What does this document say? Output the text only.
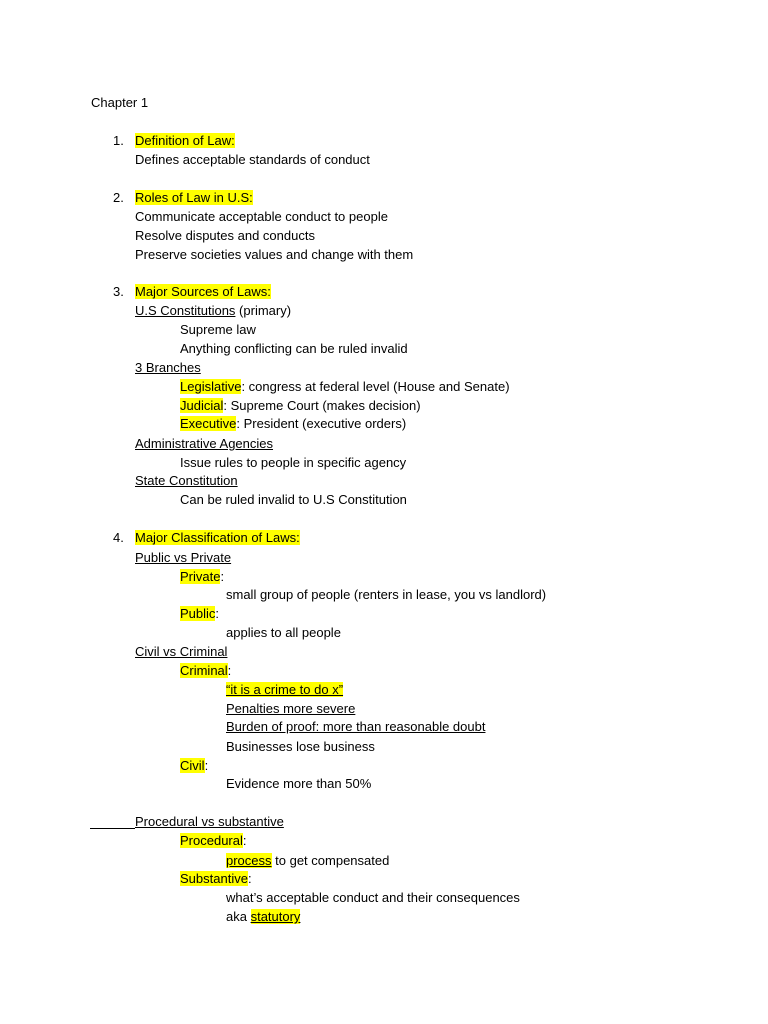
Chapter 1
1. Definition of Law:
Defines acceptable standards of conduct
2. Roles of Law in U.S:
Communicate acceptable conduct to people
Resolve disputes and conducts
Preserve societies values and change with them
3. Major Sources of Laws:
U.S Constitutions (primary)
Supreme law
Anything conflicting can be ruled invalid
3 Branches
Legislative: congress at federal level (House and Senate)
Judicial: Supreme Court (makes decision)
Executive: President (executive orders)
Administrative Agencies
Issue rules to people in specific agency
State Constitution
Can be ruled invalid to U.S Constitution
4. Major Classification of Laws:
Public vs Private
Private:
small group of people (renters in lease, you vs landlord)
Public:
applies to all people
Civil vs Criminal
Criminal:
“it is a crime to do x”
Penalties more severe
Burden of proof: more than reasonable doubt
Businesses lose business
Civil:
Evidence more than 50%
Procedural vs substantive
Procedural:
process to get compensated
Substantive:
what’s acceptable conduct and their consequences
aka statutory
